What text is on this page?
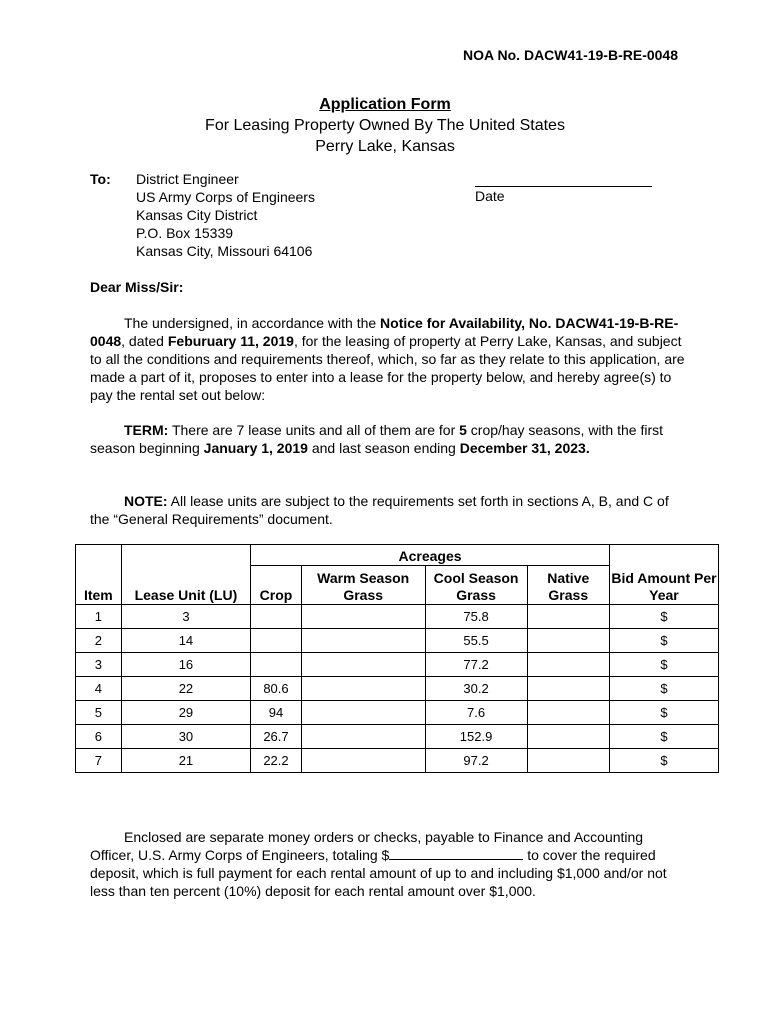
NOA No. DACW41-19-B-RE-0048
Application Form
For Leasing Property Owned By The United States
Perry Lake, Kansas
To: District Engineer
US Army Corps of Engineers
Kansas City District
P.O. Box 15339
Kansas City, Missouri 64106
Date
Dear Miss/Sir:
The undersigned, in accordance with the Notice for Availability, No. DACW41-19-B-RE-0048, dated Feburuary 11, 2019, for the leasing of property at Perry Lake, Kansas, and subject to all the conditions and requirements thereof, which, so far as they relate to this application, are made a part of it, proposes to enter into a lease for the property below, and hereby agree(s) to pay the rental set out below:
TERM: There are 7 lease units and all of them are for 5 crop/hay seasons, with the first season beginning January 1, 2019 and last season ending December 31, 2023.
NOTE: All lease units are subject to the requirements set forth in sections A, B, and C of the “General Requirements” document.
Item	Lease Unit (LU)	Acreages				Bid Amount Per Year
		Crop	Warm Season Grass	Cool Season Grass	Native Grass	
1	3			75.8		$
2	14			55.5		$
3	16			77.2		$
4	22	80.6		30.2		$
5	29	94		7.6		$
6	30	26.7		152.9		$
7	21	22.2		97.2		$
Enclosed are separate money orders or checks, payable to Finance and Accounting Officer, U.S. Army Corps of Engineers, totaling $	to cover the required deposit, which is full payment for each rental amount of up to and including $1,000 and/or not less than ten percent (10%) deposit for each rental amount over $1,000.
